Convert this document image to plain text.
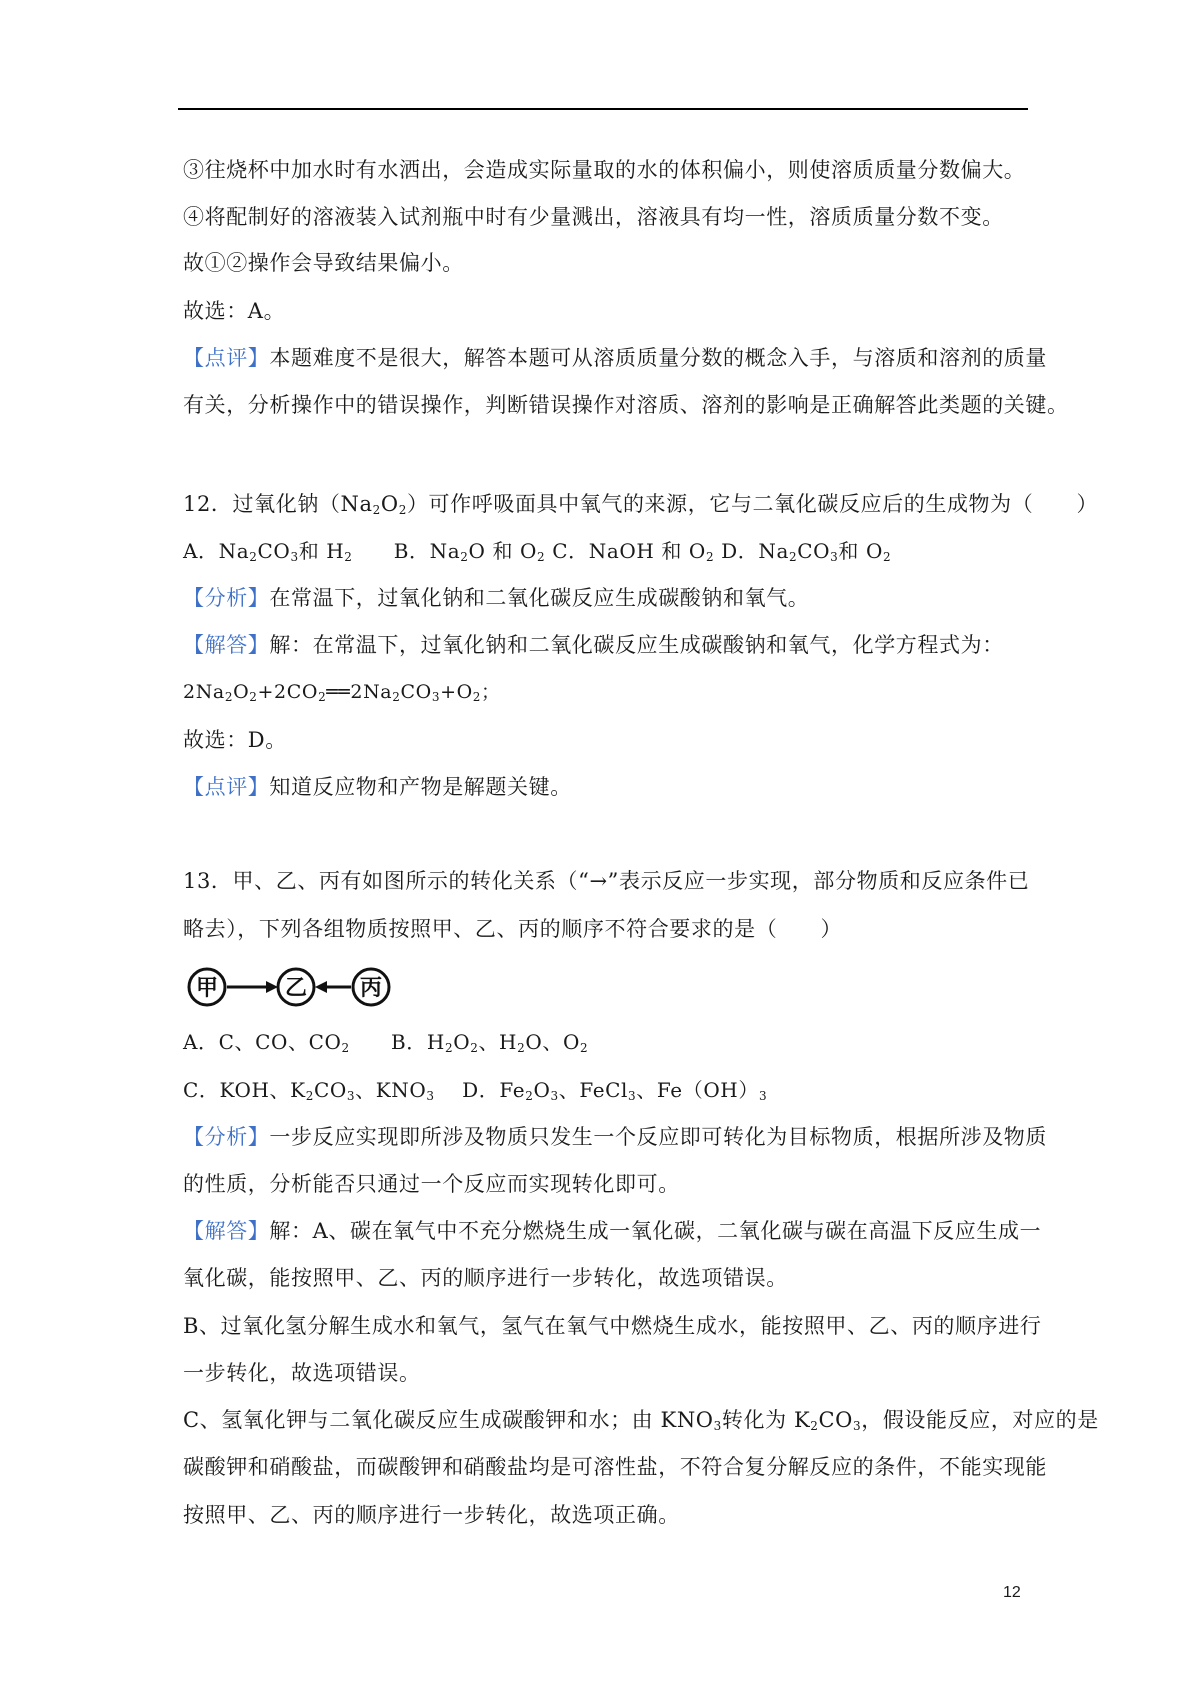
③往烧杯中加水时有水洒出，会造成实际量取的水的体积偏小，则使溶质质量分数偏大。
④将配制好的溶液装入试剂瓶中时有少量溅出，溶液具有均一性，溶质质量分数不变。
故①②操作会导致结果偏小。
故选：A。
【点评】本题难度不是很大，解答本题可从溶质质量分数的概念入手，与溶质和溶剂的质量
有关，分析操作中的错误操作，判断错误操作对溶质、溶剂的影响是正确解答此类题的关键。
12．过氧化钠$(Na_2O_2)$可作呼吸面具中氧气的来源，它与二氧化碳反应后的生成物为（　　）
A．$Na_2CO_3$和 $H_2$　　B．$Na_2O$ 和 $O_2$ C．NaOH 和 $O_2$ D．$Na_2CO_3$和 $O_2$
【分析】在常温下，过氧化钠和二氧化碳反应生成碳酸钠和氧气。
【解答】解：在常温下，过氧化钠和二氧化碳反应生成碳酸钠和氧气，化学方程式为：
$2Na_2O_2+2CO_2══2Na_2CO_3+O_2$；
故选：D。
【点评】知道反应物和产物是解题关键。
13．甲、乙、丙有如图所示的转化关系（“→”表示反应一步实现，部分物质和反应条件已
略去），下列各组物质按照甲、乙、丙的顺序不符合要求的是（　　）
甲	乙 丙
A．C、CO、$CO_2$　　B．$H_2O_2$、$H_2O$、$O_2$
C．KOH、$K_2CO_3$、$KNO_3$　 D．$Fe_2O_3$、FeCl$_3$、$Fe(OH)_3$
【分析】一步反应实现即所涉及物质只发生一个反应即可转化为目标物质，根据所涉及物质
的性质，分析能否只通过一个反应而实现转化即可。
【解答】解：A、碳在氧气中不充分燃烧生成一氧化碳，二氧化碳与碳在高温下反应生成一
氧化碳，能按照甲、乙、丙的顺序进行一步转化，故选项错误。
B、过氧化氢分解生成水和氧气，氢气在氧气中燃烧生成水，能按照甲、乙、丙的顺序进行
一步转化，故选项错误。
C、氢氧化钾与二氧化碳反应生成碳酸钾和水；由 $KNO_3$转化为 $K_2CO_3$，假设能反应，对应的是
碳酸钾和硝酸盐，而碳酸钾和硝酸盐均是可溶性盐，不符合复分解反应的条件，不能实现能
按照甲、乙、丙的顺序进行一步转化，故选项正确。
12
